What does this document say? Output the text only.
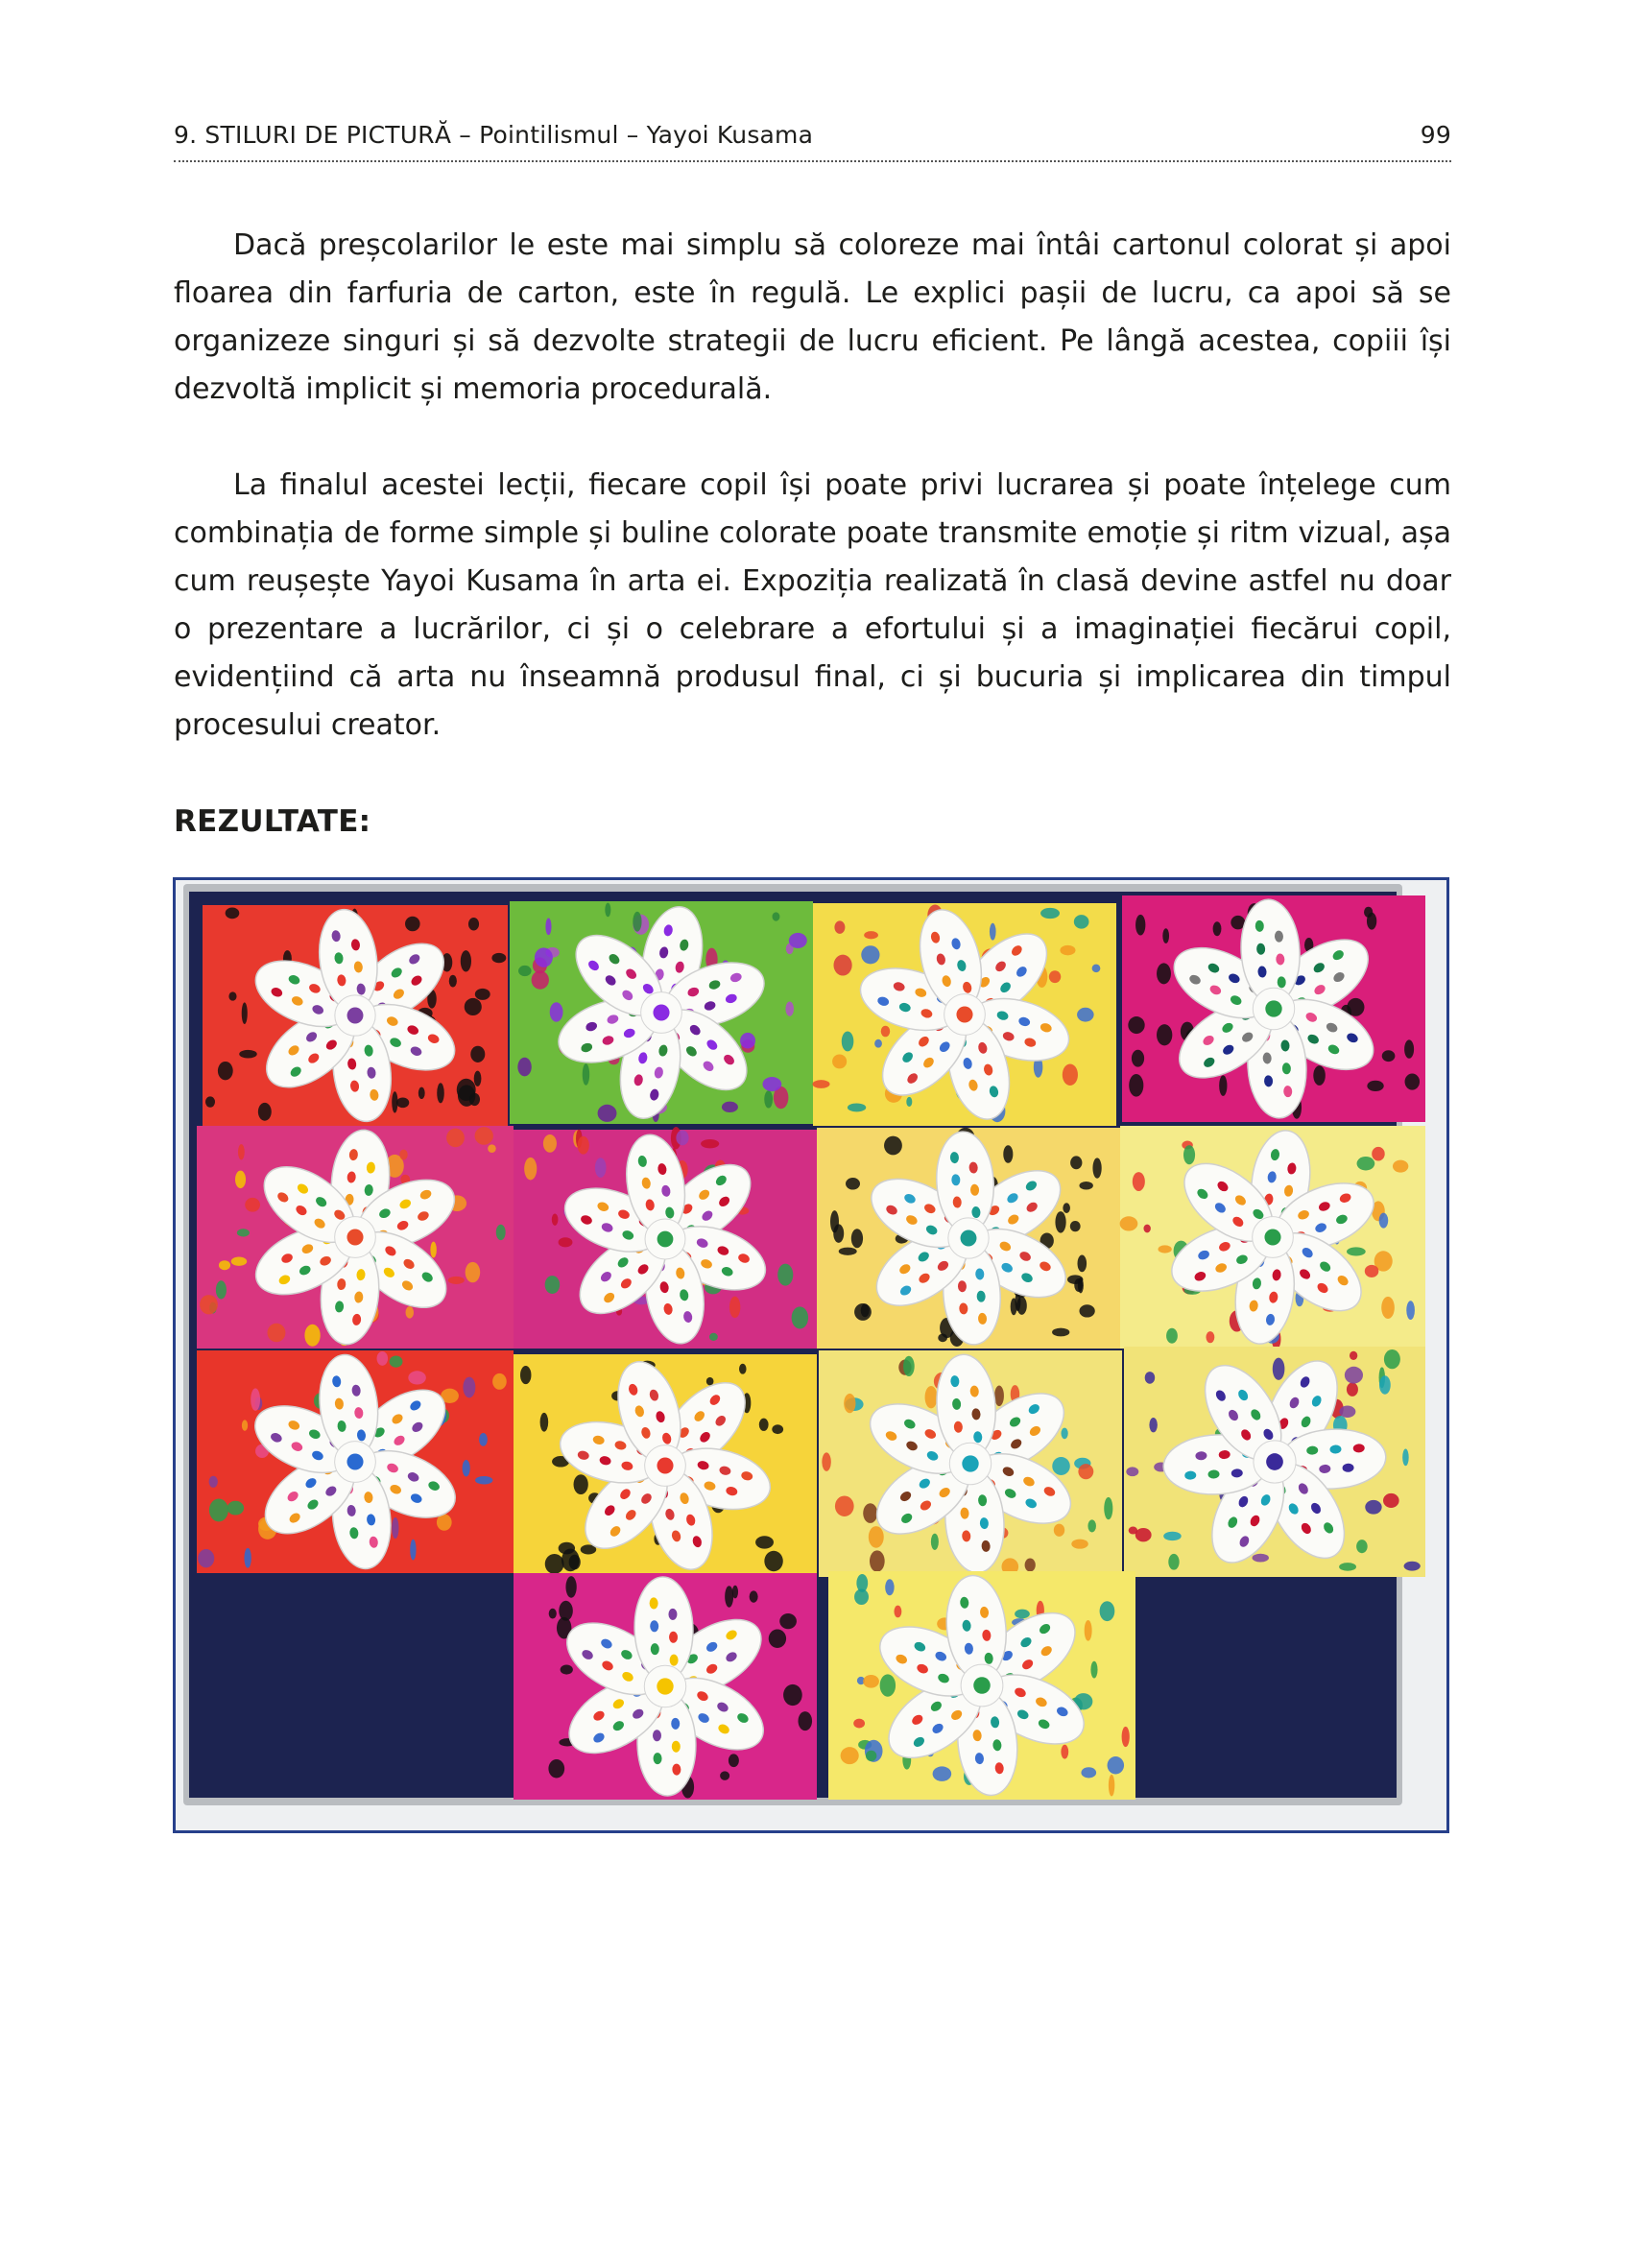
9. STILURI DE PICTURĂ – Pointilismul – Yayoi Kusama	99

Dacă preșcolarilor le este mai simplu să coloreze mai întâi cartonul colorat și apoi floarea din farfuria de carton, este în regulă. Le explici pașii de lucru, ca apoi să se organizeze singuri și să dezvolte strategii de lucru eficient. Pe lângă acestea, copiii își dezvoltă implicit și memoria procedurală.

La finalul acestei lecții, fiecare copil își poate privi lucrarea și poate înțelege cum combinația de forme simple și buline colorate poate transmite emoție și ritm vizual, așa cum reușește Yayoi Kusama în arta ei. Expoziția realizată în clasă devine astfel nu doar o prezentare a lucrărilor, ci și o celebrare a efortului și a imaginației fiecărui copil, evidențiind că arta nu înseamnă produsul final, ci și bucuria și implicarea din timpul procesului creator.

REZULTATE:
